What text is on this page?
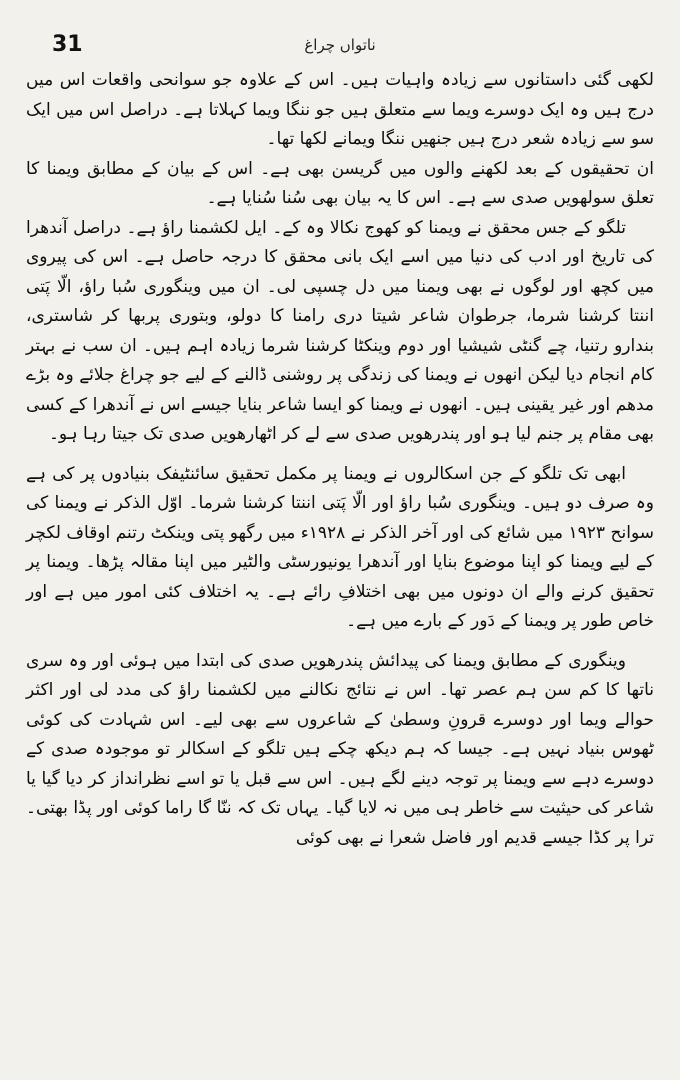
31	ناتواں چراغ

لکھی گئی داستانوں سے زیادہ واہیات ہیں۔ اس کے علاوہ جو سوانحی واقعات اس میں درج ہیں وہ ایک دوسرے ویما سے متعلق ہیں جو ننگا ویما کہلاتا ہے۔ دراصل اس میں ایک سو سے زیادہ شعر درج ہیں جنھیں ننگا ویمانے لکھا تھا۔

ان تحقیقوں کے بعد لکھنے والوں میں گریسن بھی ہے۔ اس کے بیان کے مطابق ویمنا کا تعلق سولھویں صدی سے ہے۔ اس کا یہ بیان بھی سُنا سُنایا ہے۔

تلگو کے جس محقق نے ویمنا کو کھوج نکالا وہ کے۔ ایل لکشمنا راؤ ہے۔ دراصل آندھرا کی تاریخ اور ادب کی دنیا میں اسے ایک بانی محقق کا درجہ حاصل ہے۔ اس کی پیروی میں کچھ اور لوگوں نے بھی ویمنا میں دل چسپی لی۔ ان میں وینگوری سُبا راؤ، الّا پَتی اننتا کرشنا شرما، جرطوان شاعر شیتا دری رامنا کا دولو، وبتوری پربھا کر شاستری، بندارو رتنیا، چے گنٹی شیشیا اور دوم وینکٹا کرشنا شرما زیادہ اہم ہیں۔ ان سب نے بہتر کام انجام دیا لیکن انھوں نے ویمنا کی زندگی پر روشنی ڈالنے کے لیے جو چراغ جلائے وہ بڑے مدھم اور غیر یقینی ہیں۔ انھوں نے ویمنا کو ایسا شاعر بنایا جیسے اس نے آندھرا کے کسی بھی مقام پر جنم لیا ہو اور پندرھویں صدی سے لے کر اٹھارھویں صدی تک جیتا رہا ہو۔

ابھی تک تلگو کے جن اسکالروں نے ویمنا پر مکمل تحقیق سائنٹیفک بنیادوں پر کی ہے وہ صرف دو ہیں۔ وینگوری سُبا راؤ اور الّا پَتی اننتا کرشنا شرما۔ اوّل الذکر نے ویمنا کی سوانح ۱۹۲۳ میں شائع کی اور آخر الذکر نے ۱۹۲۸ء میں رگھو پتی وینکٹ رتنم اوقاف لکچر کے لیے ویمنا کو اپنا موضوع بنایا اور آندھرا یونیورسٹی والٹیر میں اپنا مقالہ پڑھا۔ ویمنا پر تحقیق کرنے والے ان دونوں میں بھی اختلافِ رائے ہے۔ یہ اختلاف کئی امور میں ہے اور خاص طور پر ویمنا کے دَور کے بارے میں ہے۔

وینگوری کے مطابق ویمنا کی پیدائش پندرھویں صدی کی ابتدا میں ہوئی اور وہ سری ناتھا کا کم سن ہم عصر تھا۔ اس نے نتائج نکالنے میں لکشمنا راؤ کی مدد لی اور اکثر حوالے ویما اور دوسرے قرونِ وسطیٰ کے شاعروں سے بھی لیے۔ اس شہادت کی کوئی ٹھوس بنیاد نہیں ہے۔ جیسا کہ ہم دیکھ چکے ہیں تلگو کے اسکالر تو موجودہ صدی کے دوسرے دہے سے ویمنا پر توجہ دینے لگے ہیں۔ اس سے قبل یا تو اسے نظرانداز کر دیا گیا یا شاعر کی حیثیت سے خاطر ہی میں نہ لایا گیا۔ یہاں تک کہ ننّا گا راما کوئی اور پڈا بھتی۔ ترا پر کڈا جیسے قدیم اور فاضل شعرا نے بھی کوئی
